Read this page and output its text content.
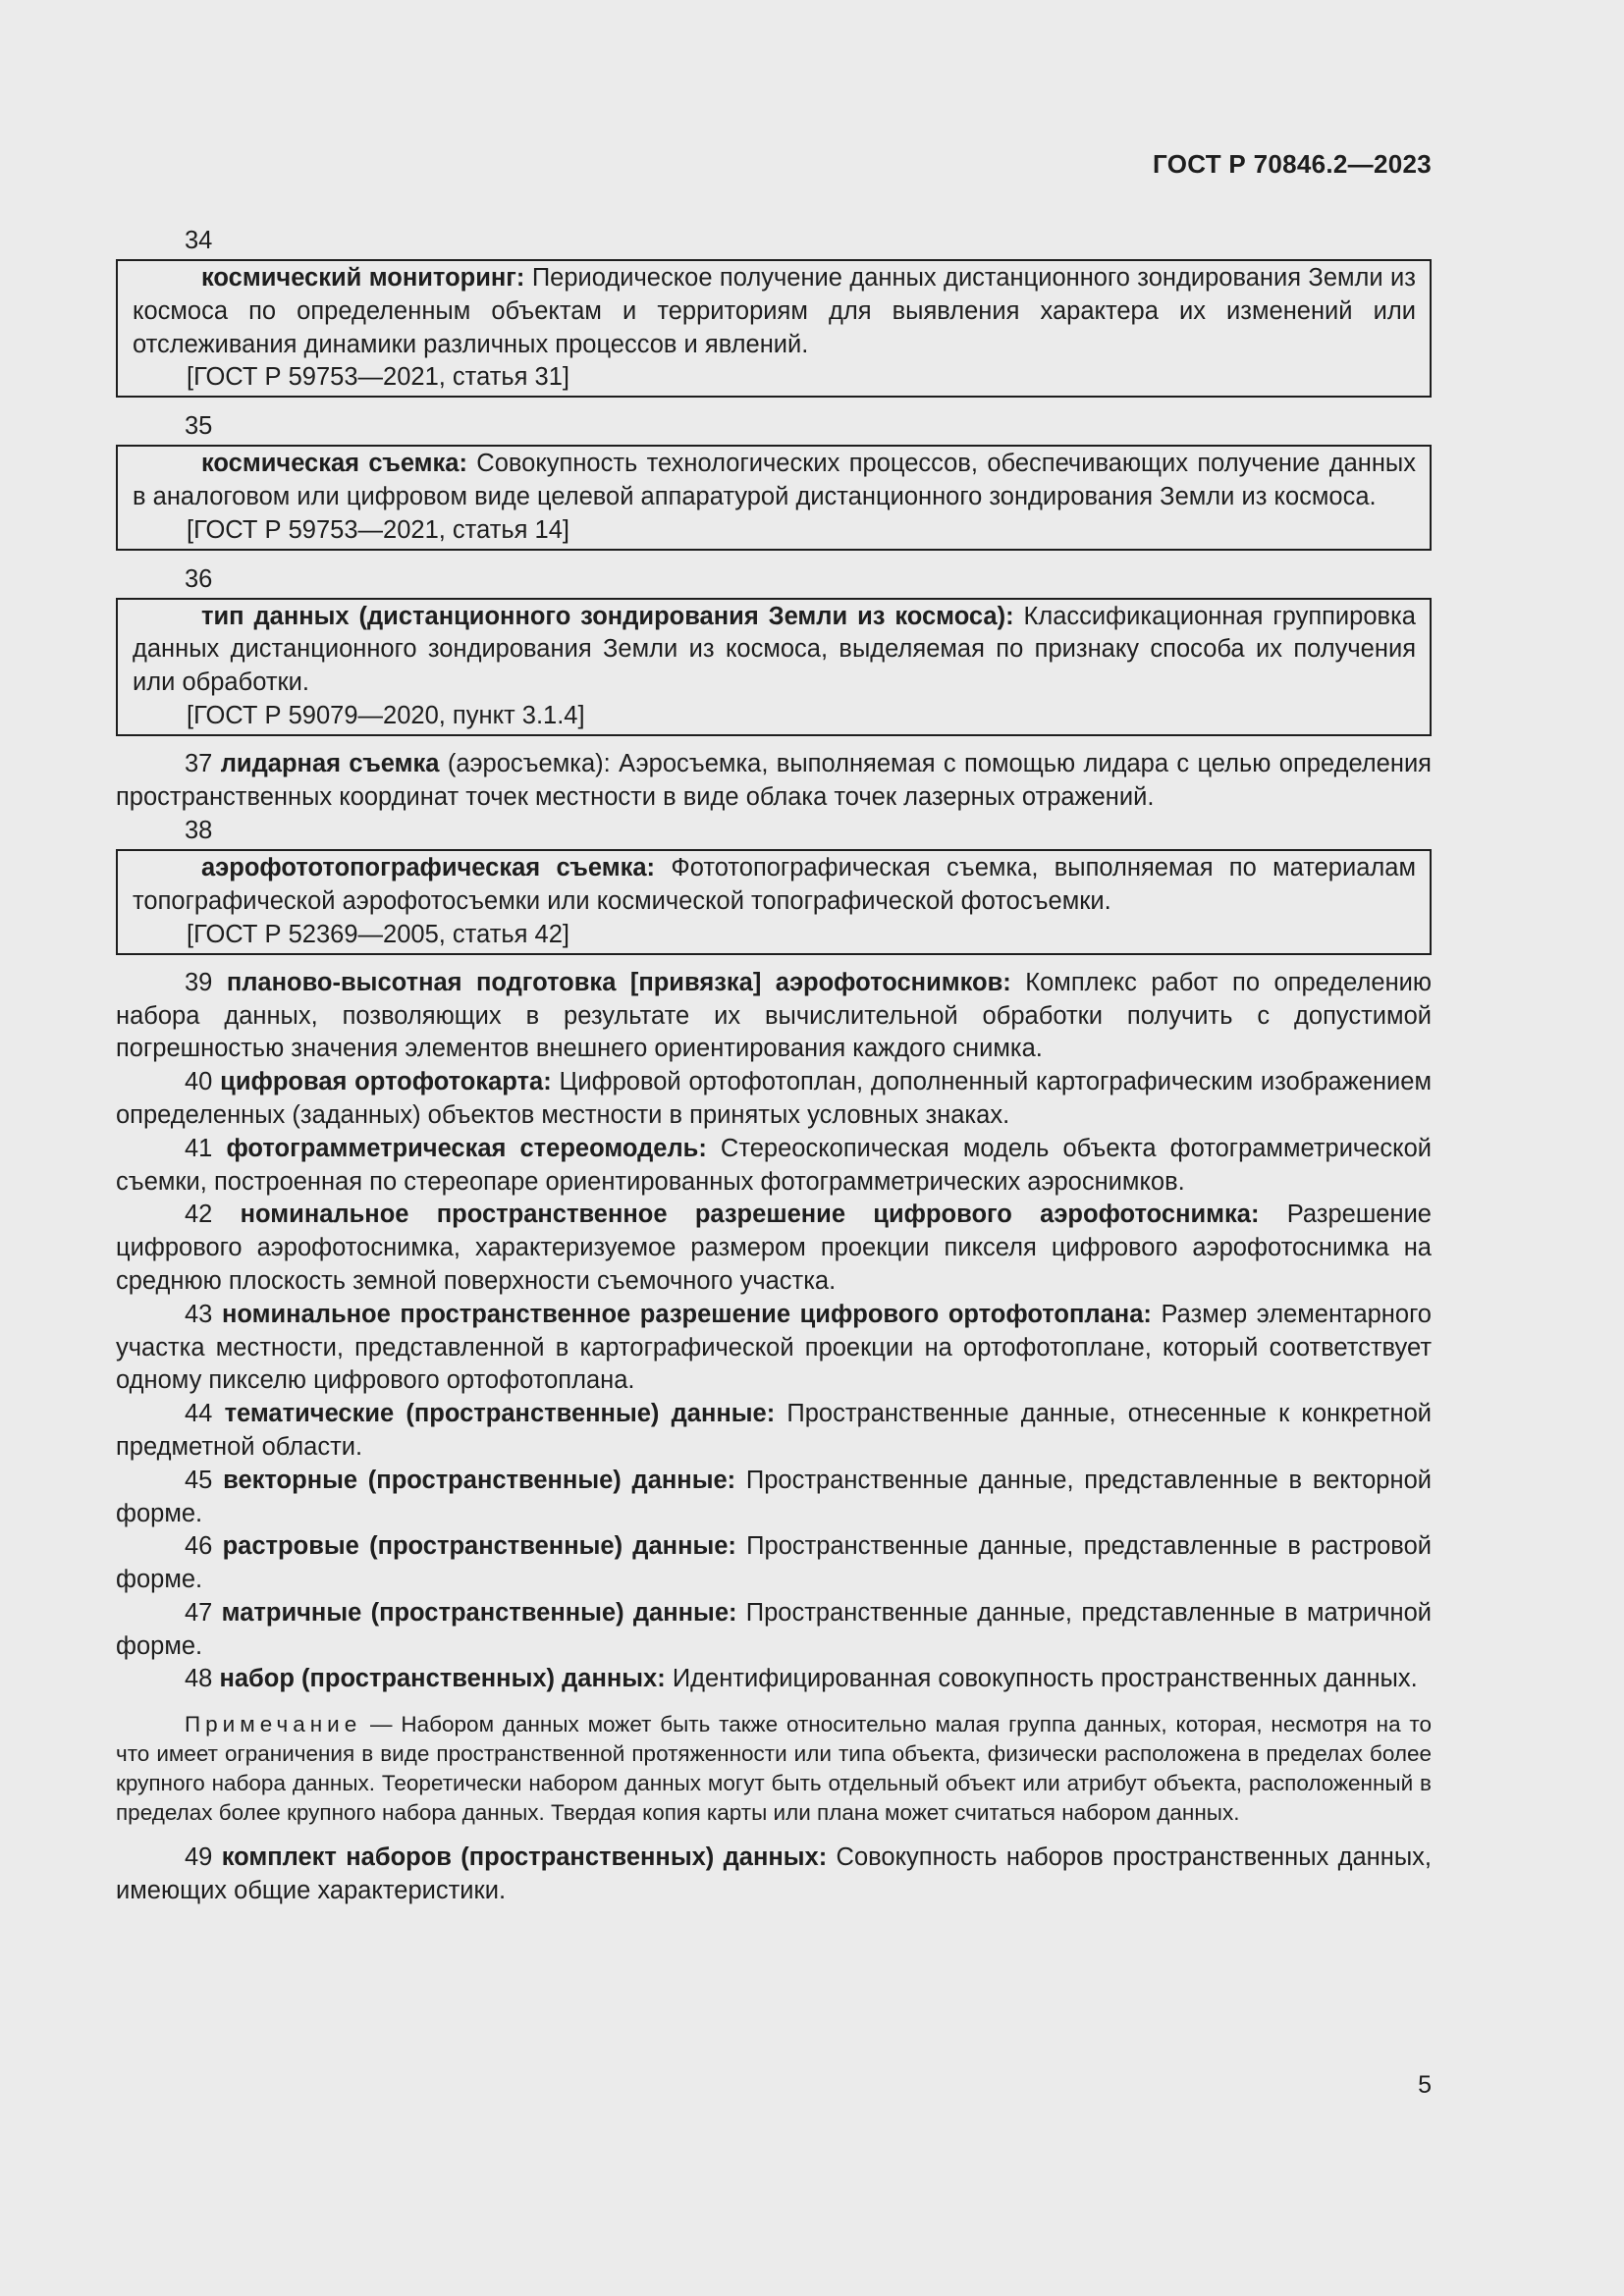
ГОСТ Р 70846.2—2023
34

космический мониторинг: Периодическое получение данных дистанционного зондирования Земли из космоса по определенным объектам и территориям для выявления характера их изменений или отслеживания динамики различных процессов и явлений.

[ГОСТ Р 59753—2021, статья 31]
35

космическая съемка: Совокупность технологических процессов, обеспечивающих получение данных в аналоговом или цифровом виде целевой аппаратурой дистанционного зондирования Земли из космоса.

[ГОСТ Р 59753—2021, статья 14]
36

тип данных (дистанционного зондирования Земли из космоса): Классификационная группировка данных дистанционного зондирования Земли из космоса, выделяемая по признаку способа их получения или обработки.

[ГОСТ Р 59079—2020, пункт 3.1.4]

37 лидарная съемка (аэросъемка): Аэросъемка, выполняемая с помощью лидара с целью определения пространственных координат точек местности в виде облака точек лазерных отражений.

38

аэрофототопографическая съемка: Фототопографическая съемка, выполняемая по материалам топографической аэрофотосъемки или космической топографической фотосъемки.

[ГОСТ Р 52369—2005, статья 42]

39 планово-высотная подготовка [привязка] аэрофотоснимков: Комплекс работ по определению набора данных, позволяющих в результате их вычислительной обработки получить с допустимой погрешностью значения элементов внешнего ориентирования каждого снимка.

40 цифровая ортофотокарта: Цифровой ортофотоплан, дополненный картографическим изображением определенных (заданных) объектов местности в принятых условных знаках.

41 фотограмметрическая стереомодель: Стереоскопическая модель объекта фотограмметрической съемки, построенная по стереопаре ориентированных фотограмметрических аэроснимков.

42 номинальное пространственное разрешение цифрового аэрофотоснимка: Разрешение цифрового аэрофотоснимка, характеризуемое размером проекции пикселя цифрового аэрофотоснимка на среднюю плоскость земной поверхности съемочного участка.

43 номинальное пространственное разрешение цифрового ортофотоплана: Размер элементарного участка местности, представленной в картографической проекции на ортофотоплане, который соответствует одному пикселю цифрового ортофотоплана.

44 тематические (пространственные) данные: Пространственные данные, отнесенные к конкретной предметной области.

45 векторные (пространственные) данные: Пространственные данные, представленные в векторной форме.

46 растровые (пространственные) данные: Пространственные данные, представленные в растровой форме.

47 матричные (пространственные) данные: Пространственные данные, представленные в матричной форме.

48 набор (пространственных) данных: Идентифицированная совокупность пространственных данных.

Примечание — Набором данных может быть также относительно малая группа данных, которая, несмотря на то что имеет ограничения в виде пространственной протяженности или типа объекта, физически расположена в пределах более крупного набора данных. Теоретически набором данных могут быть отдельный объект или атрибут объекта, расположенный в пределах более крупного набора данных. Твердая копия карты или плана может считаться набором данных.

49 комплект наборов (пространственных) данных: Совокупность наборов пространственных данных, имеющих общие характеристики.

5
